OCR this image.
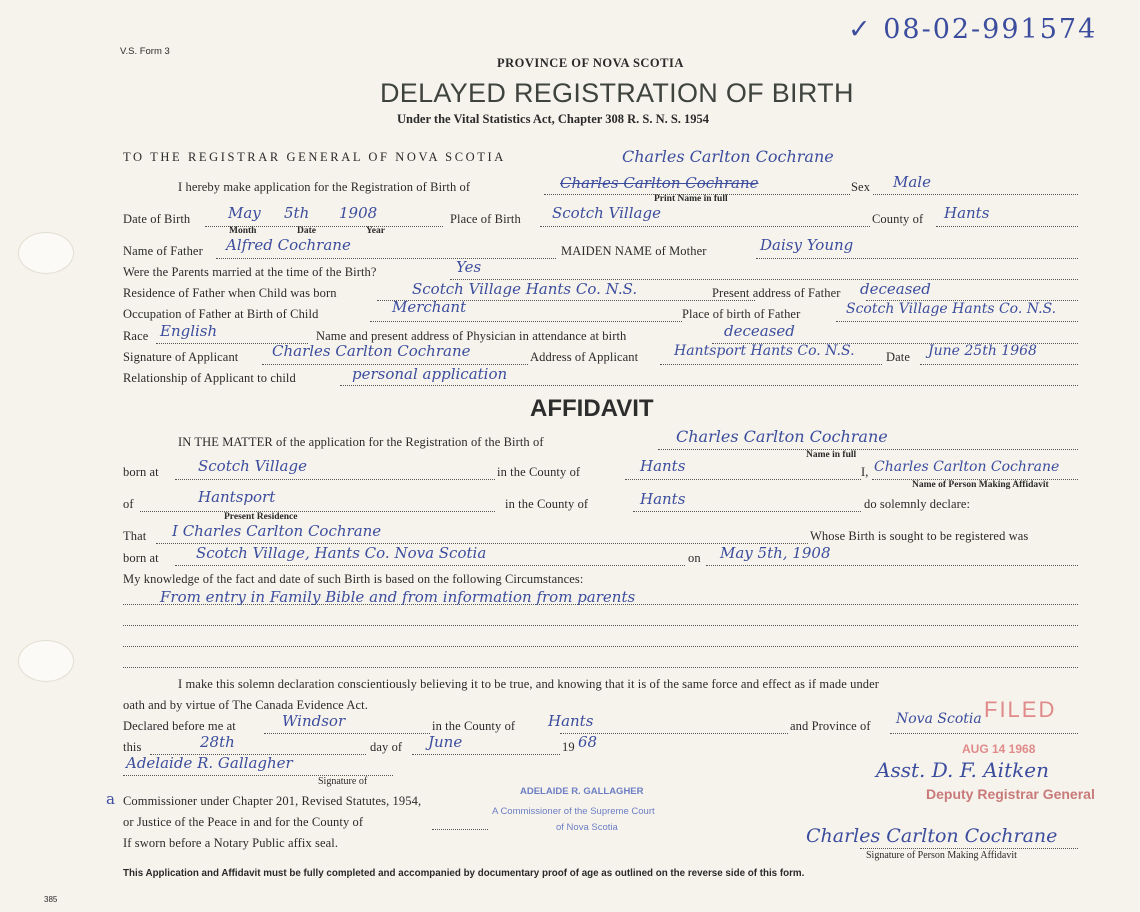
V.S. Form 3
✓ 08-02-991574
PROVINCE OF NOVA SCOTIA
DELAYED REGISTRATION OF BIRTH
Under the Vital Statistics Act, Chapter 308 R. S. N. S. 1954
TO THE REGISTRAR GENERAL OF NOVA SCOTIA	Charles Carlton Cochrane
I hereby make application for the Registration of Birth of	Charles Carlton Cochrane	Sex Male
Print Name in full
Date of Birth	May 5th 1908
Month	Date	Year
Place of Birth Scotch Village	County of Hants
Name of Father Alfred Cochrane	MAIDEN NAME of Mother	Daisy Young
Were the Parents married at the time of the Birth?	Yes
Residence of Father when Child was born	Scotch Village Hants Co. N.S.	Present address of Father deceased
Occupation of Father at Birth of Child	Merchant	Place of birth of Father	Scotch Village Hants Co. N.S.
Race English	Name and present address of Physician in attendance at birth	deceased
Signature of Applicant Charles Carlton Cochrane	Address of Applicant	Hantsport Hants Co. N.S.	Date June 25th 1968
Relationship of Applicant to child	personal application
AFFIDAVIT
IN THE MATTER of the application for the Registration of the Birth of	Charles Carlton Cochrane
Name in full
born at	Scotch Village	in the County of	Hants	I, Charles Carlton Cochrane
Name of Person Making Affidavit
of	Hantsport	in the County of	Hants	do solemnly declare:
Present Residence
That I Charles Carlton Cochrane	Whose Birth is sought to be registered was
born at Scotch Village, Hants Co. Nova Scotia	on May 5th, 1908
My knowledge of the fact and date of such Birth is based on the following Circumstances:
From entry in Family Bible and from information from parents
I make this solemn declaration conscientiously believing it to be true, and knowing that it is of the same force and effect as if made under
oath and by virtue of The Canada Evidence Act.
Declared before me at	Windsor	in the County of Hants	and Province of Nova Scotia
this	28th	day of June	19 68
Adelaide R. Gallagher
Signature of
a Commissioner under Chapter 201, Revised Statutes, 1954,
or Justice of the Peace in and for the County of
If sworn before a Notary Public affix seal.
ADELAIDE R. GALLAGHER
A Commissioner of the Supreme Court
of Nova Scotia
FILED
AUG 14 1968
Asst. D. F. Aitken
Deputy Registrar General
Charles Carlton Cochrane
Signature of Person Making Affidavit
This Application and Affidavit must be fully completed and accompanied by documentary proof of age as outlined on the reverse side of this form.
385
